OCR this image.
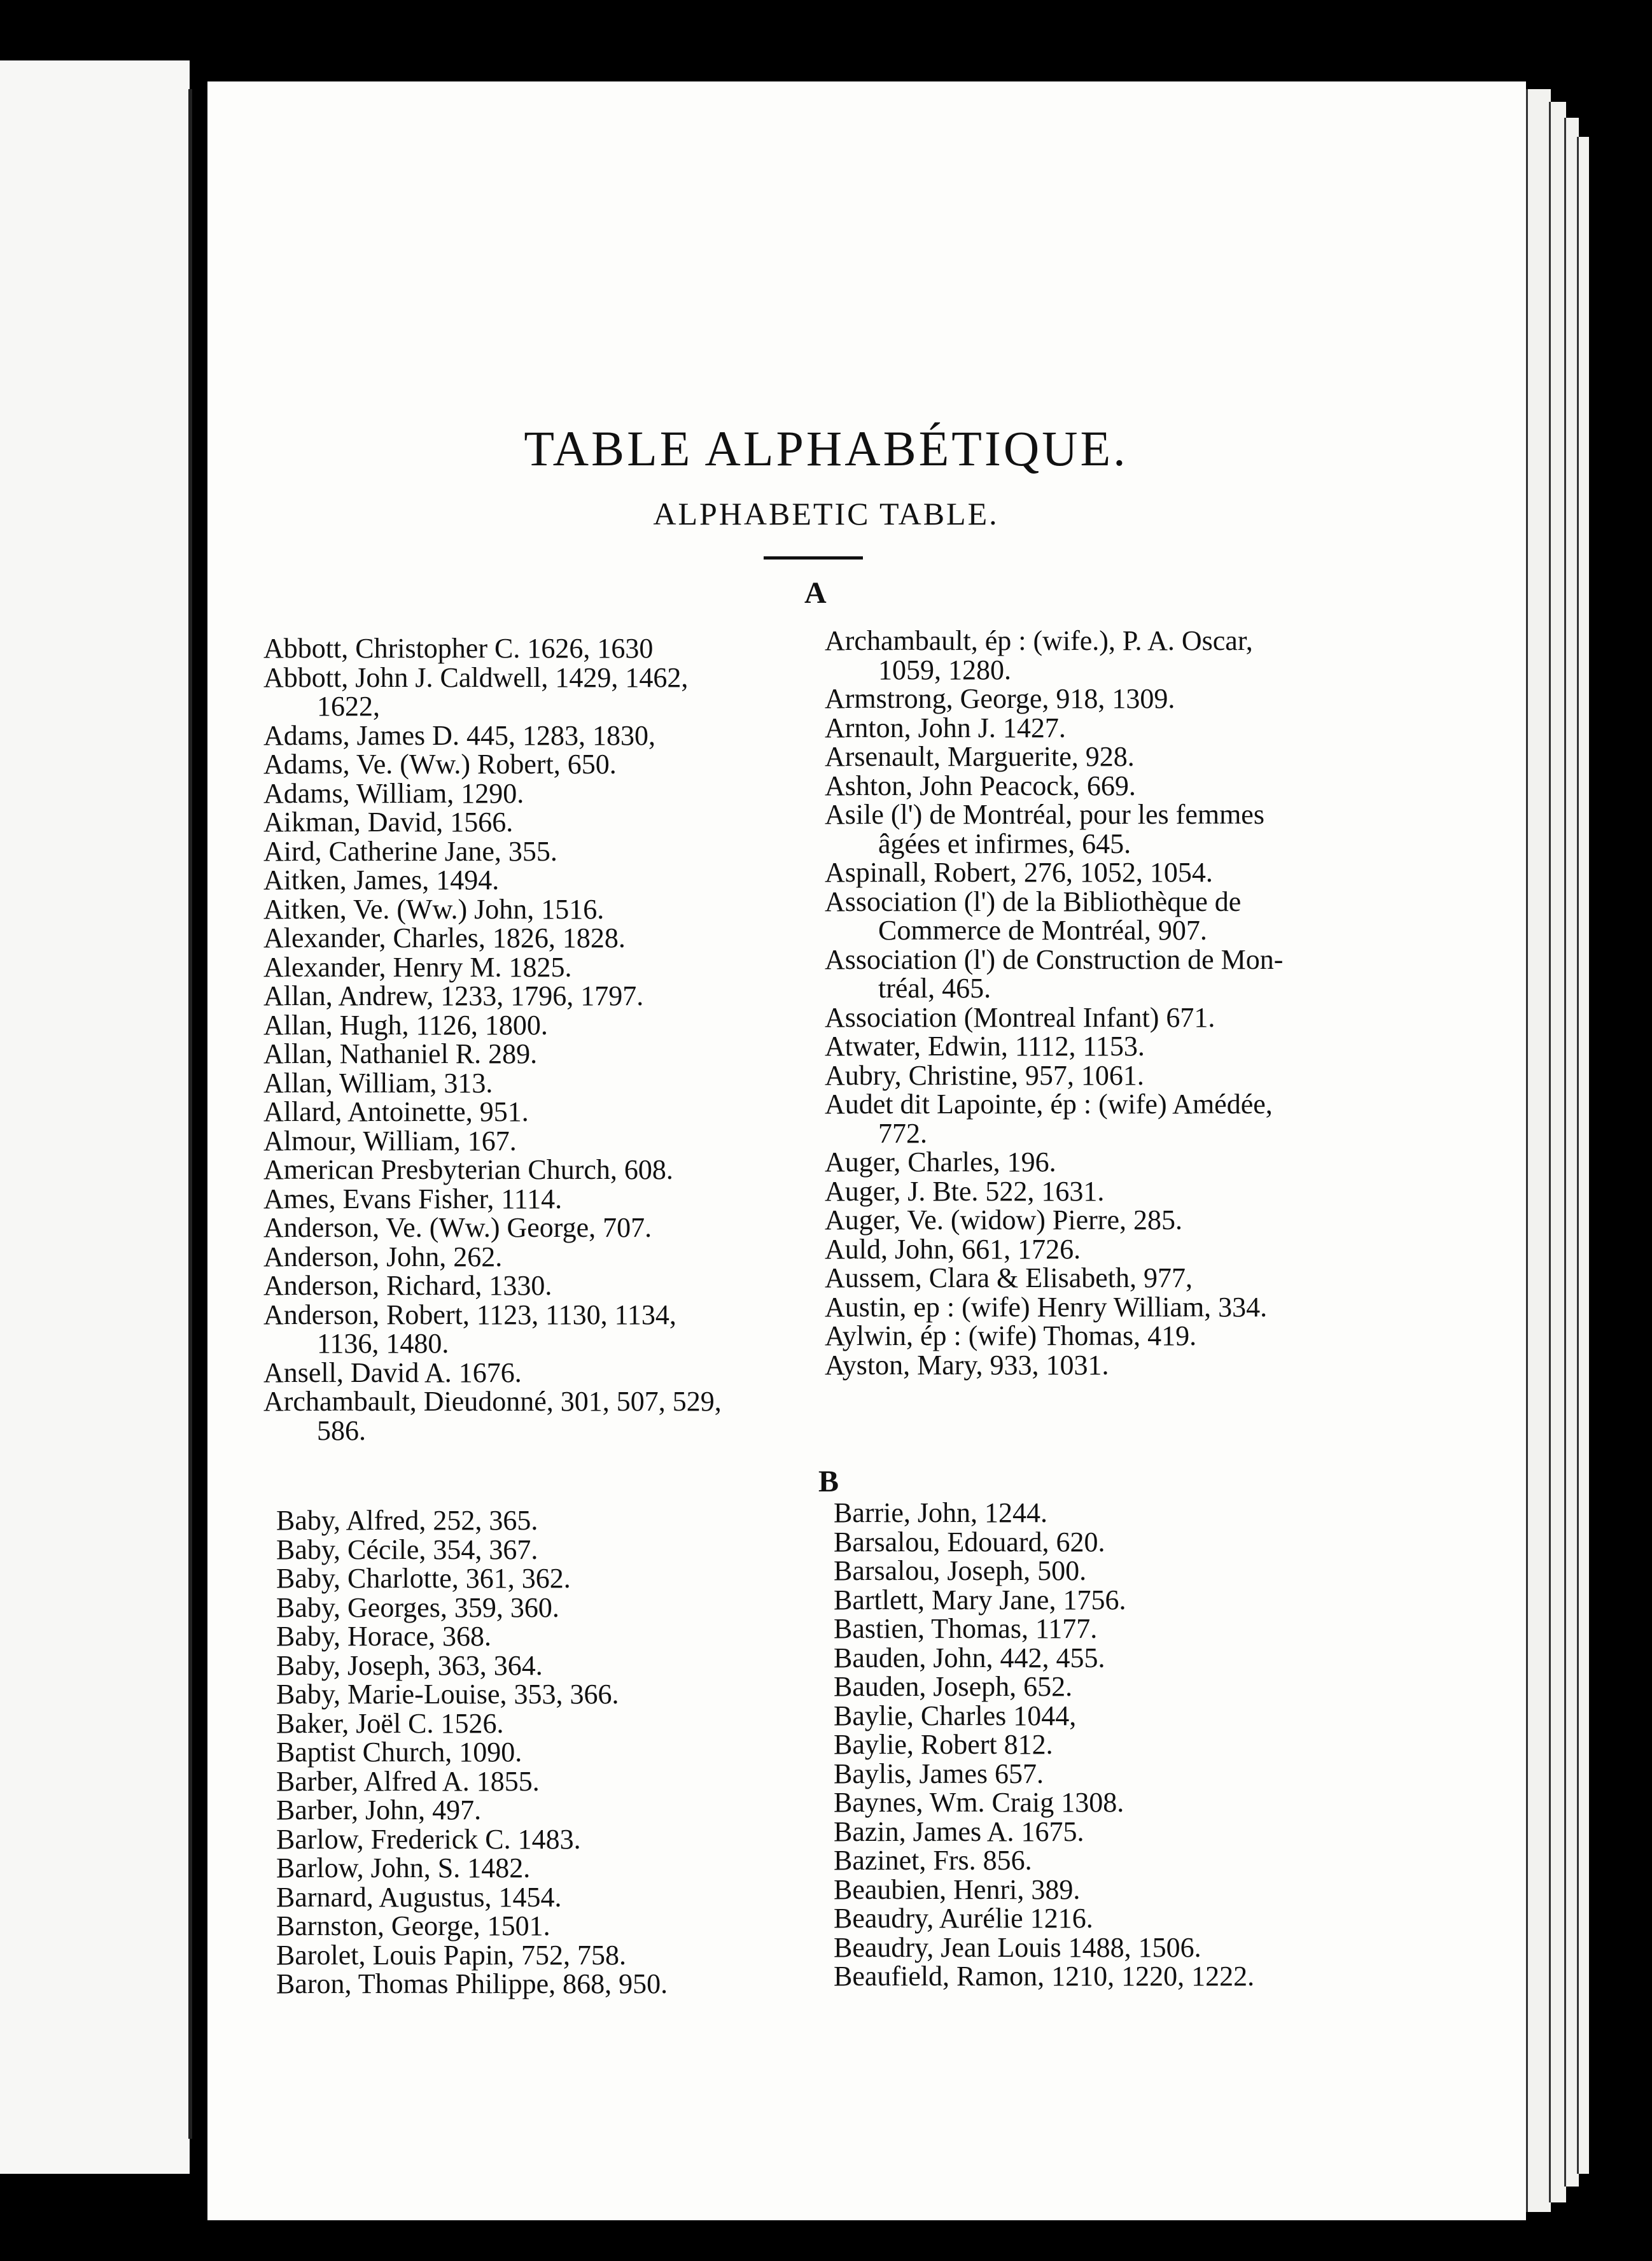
TABLE ALPHABÉTIQUE.
ALPHABETIC TABLE.
A
B
Abbott, Christopher C. 1626, 1630
Abbott, John J. Caldwell, 1429, 1462,
1622,
Adams, James D. 445, 1283, 1830,
Adams, Ve. (Ww.) Robert, 650.
Adams, William, 1290.
Aikman, David, 1566.
Aird, Catherine Jane, 355.
Aitken, James, 1494.
Aitken, Ve. (Ww.) John, 1516.
Alexander, Charles, 1826, 1828.
Alexander, Henry M. 1825.
Allan, Andrew, 1233, 1796, 1797.
Allan, Hugh, 1126, 1800.
Allan, Nathaniel R. 289.
Allan, William, 313.
Allard, Antoinette, 951.
Almour, William, 167.
American Presbyterian Church, 608.
Ames, Evans Fisher, 1114.
Anderson, Ve. (Ww.) George, 707.
Anderson, John, 262.
Anderson, Richard, 1330.
Anderson, Robert, 1123, 1130, 1134,
1136, 1480.
Ansell, David A. 1676.
Archambault, Dieudonné, 301, 507, 529,
586.
Archambault, ép : (wife.), P. A. Oscar,
1059, 1280.
Armstrong, George, 918, 1309.
Arnton, John J. 1427.
Arsenault, Marguerite, 928.
Ashton, John Peacock, 669.
Asile (l') de Montréal, pour les femmes
âgées et infirmes, 645.
Aspinall, Robert, 276, 1052, 1054.
Association (l') de la Bibliothèque de
Commerce de Montréal, 907.
Association (l') de Construction de Mon-
tréal, 465.
Association (Montreal Infant) 671.
Atwater, Edwin, 1112, 1153.
Aubry, Christine, 957, 1061.
Audet dit Lapointe, ép : (wife) Amédée,
772.
Auger, Charles, 196.
Auger, J. Bte. 522, 1631.
Auger, Ve. (widow) Pierre, 285.
Auld, John, 661, 1726.
Aussem, Clara & Elisabeth, 977,
Austin, ep : (wife) Henry William, 334.
Aylwin, ép : (wife) Thomas, 419.
Ayston, Mary, 933, 1031.
Baby, Alfred, 252, 365.
Baby, Cécile, 354, 367.
Baby, Charlotte, 361, 362.
Baby, Georges, 359, 360.
Baby, Horace, 368.
Baby, Joseph, 363, 364.
Baby, Marie-Louise, 353, 366.
Baker, Joël C. 1526.
Baptist Church, 1090.
Barber, Alfred A. 1855.
Barber, John, 497.
Barlow, Frederick C. 1483.
Barlow, John, S. 1482.
Barnard, Augustus, 1454.
Barnston, George, 1501.
Barolet, Louis Papin, 752, 758.
Baron, Thomas Philippe, 868, 950.
Barrie, John, 1244.
Barsalou, Edouard, 620.
Barsalou, Joseph, 500.
Bartlett, Mary Jane, 1756.
Bastien, Thomas, 1177.
Bauden, John, 442, 455.
Bauden, Joseph, 652.
Baylie, Charles 1044,
Baylie, Robert 812.
Baylis, James 657.
Baynes, Wm. Craig 1308.
Bazin, James A. 1675.
Bazinet, Frs. 856.
Beaubien, Henri, 389.
Beaudry, Aurélie 1216.
Beaudry, Jean Louis 1488, 1506.
Beaufield, Ramon, 1210, 1220, 1222.
